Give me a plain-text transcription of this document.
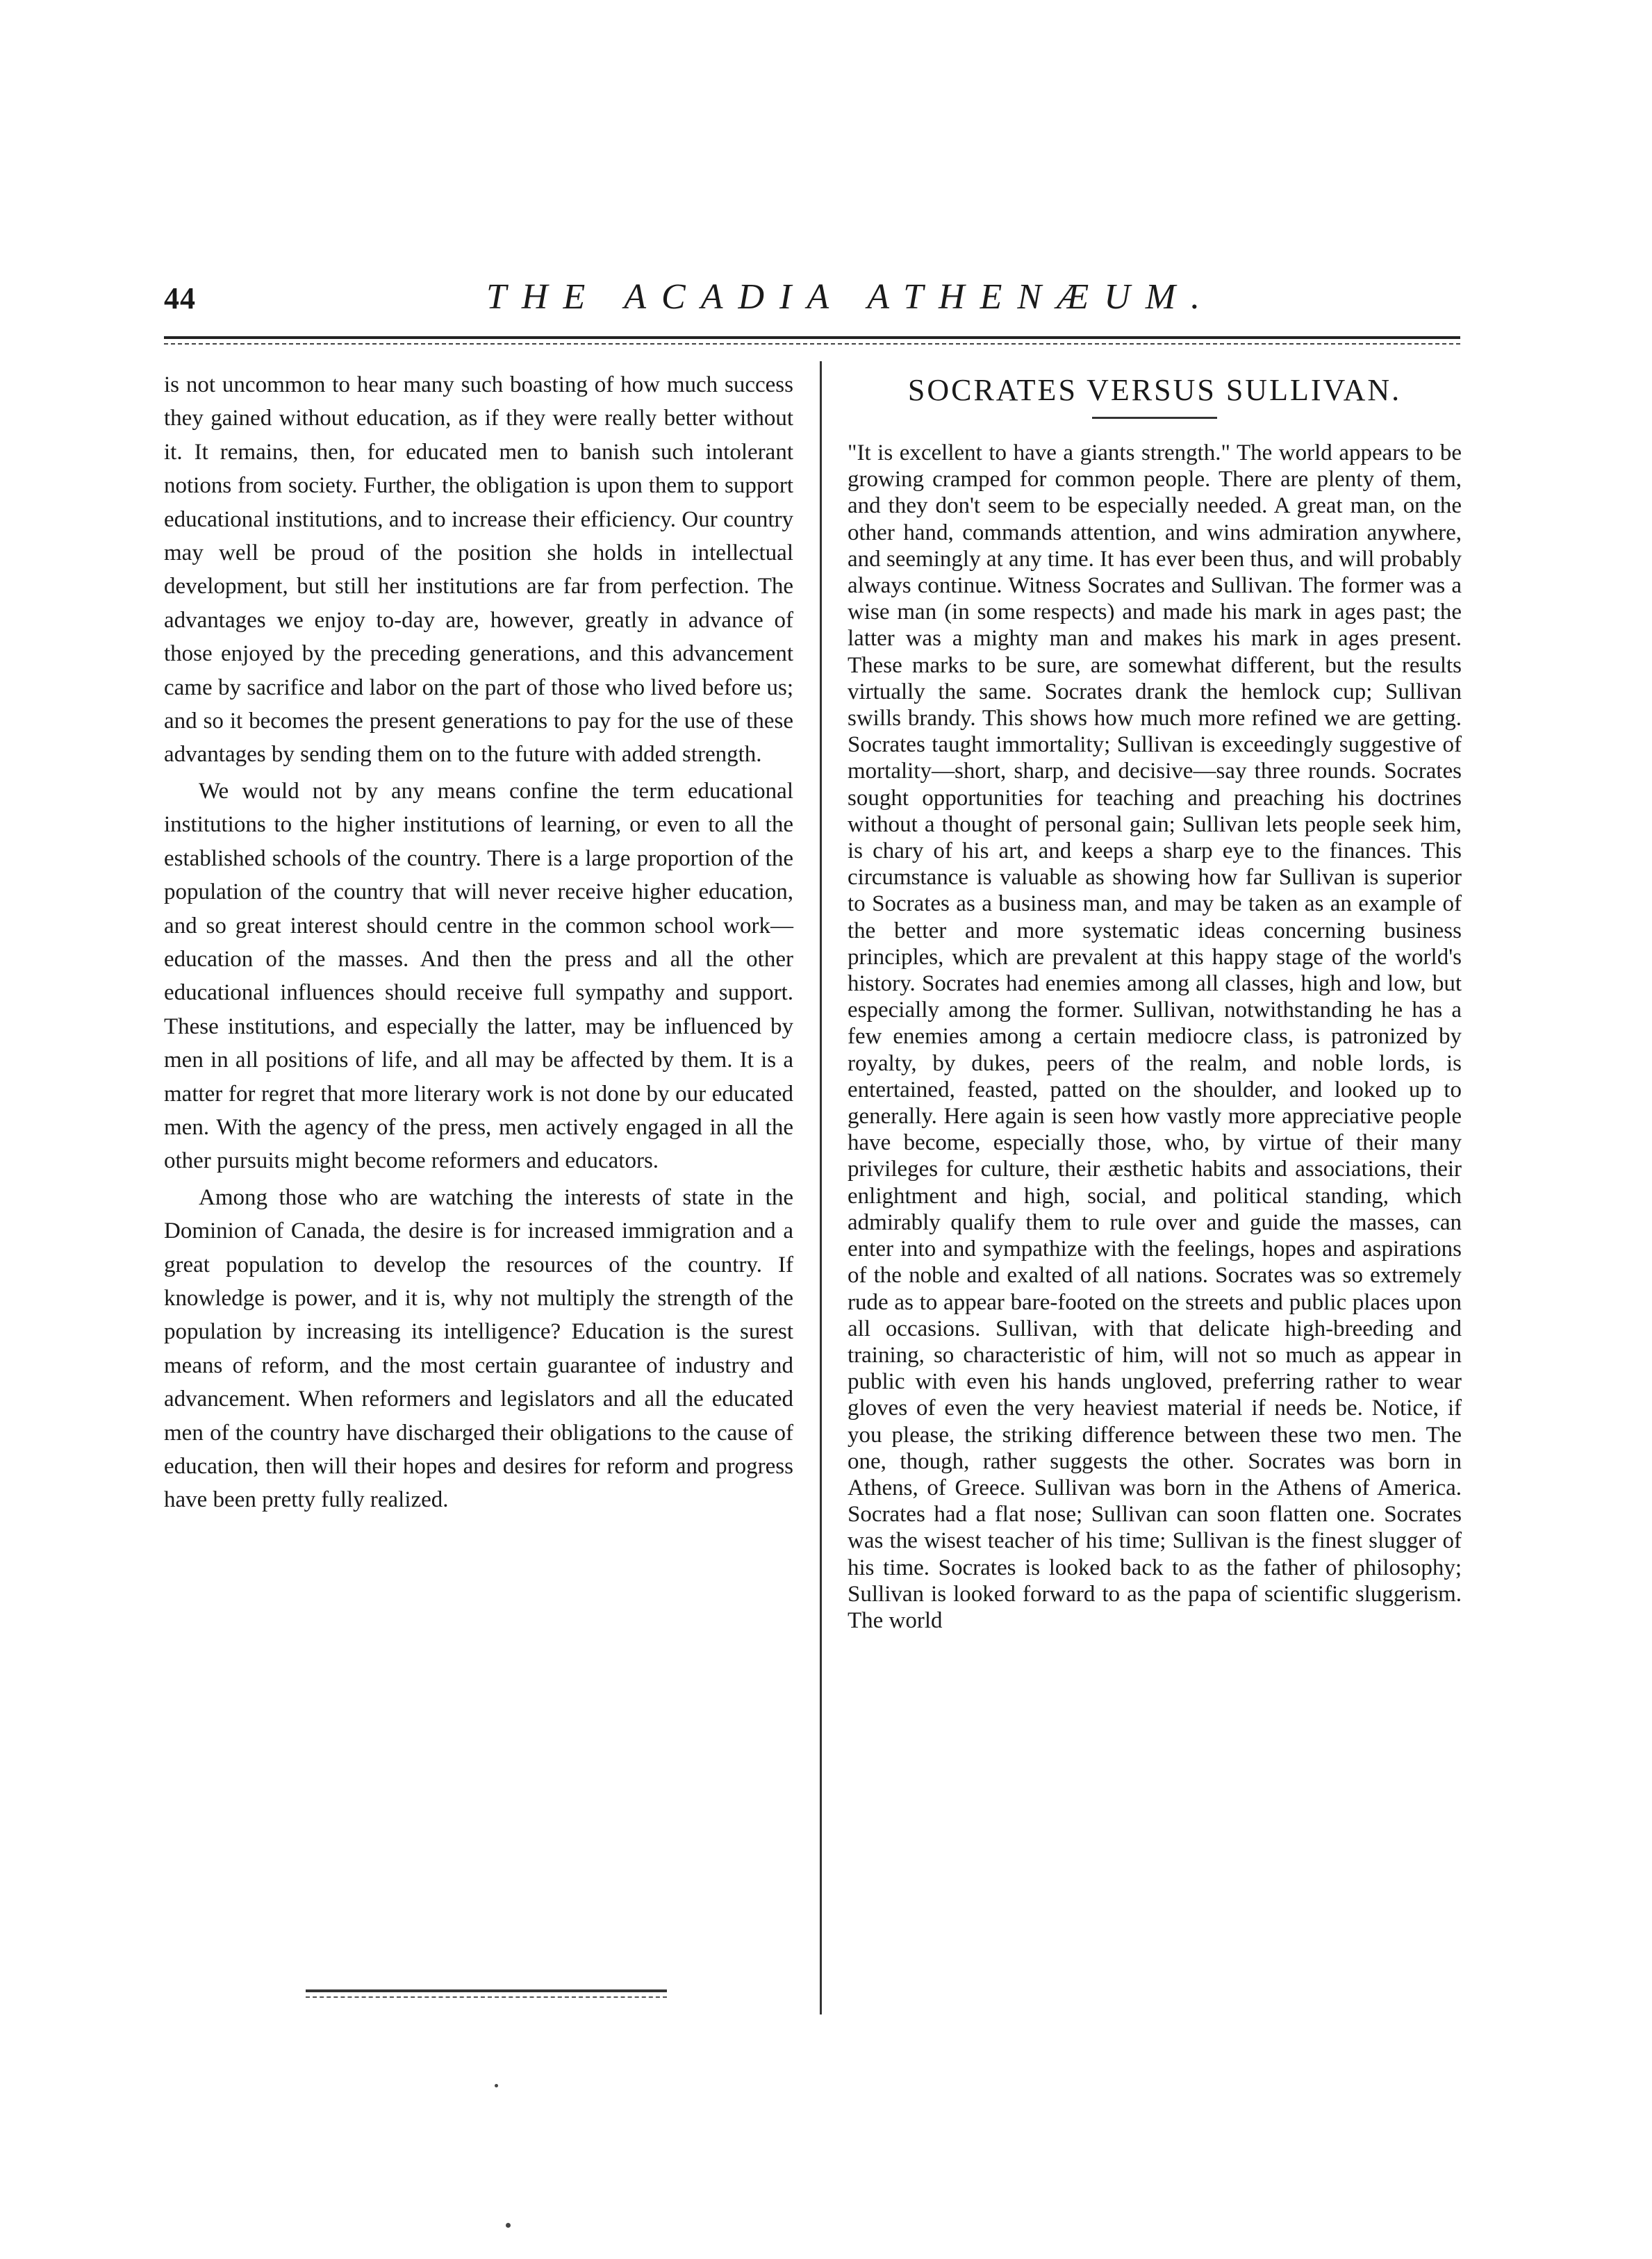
44	THE ACADIA ATHENÆUM.

is not uncommon to hear many such boasting of how much success they gained without education, as if they were really better without it. It remains, then, for educated men to banish such intolerant notions from society. Further, the obligation is upon them to support educational institutions, and to increase their efficiency. Our country may well be proud of the position she holds in intellectual development, but still her institutions are far from perfection. The advantages we enjoy to-day are, however, greatly in advance of those enjoyed by the preceding generations, and this advancement came by sacrifice and labor on the part of those who lived before us; and so it becomes the present generations to pay for the use of these advantages by sending them on to the future with added strength.

We would not by any means confine the term educational institutions to the higher institutions of learning, or even to all the established schools of the country. There is a large proportion of the population of the country that will never receive higher education, and so great interest should centre in the common school work—education of the masses. And then the press and all the other educational influences should receive full sympathy and support. These institutions, and especially the latter, may be influenced by men in all positions of life, and all may be affected by them. It is a matter for regret that more literary work is not done by our educated men. With the agency of the press, men actively engaged in all the other pursuits might become reformers and educators.

Among those who are watching the interests of state in the Dominion of Canada, the desire is for increased immigration and a great population to develop the resources of the country. If knowledge is power, and it is, why not multiply the strength of the population by increasing its intelligence? Education is the surest means of reform, and the most certain guarantee of industry and advancement. When reformers and legislators and all the educated men of the country have discharged their obligations to the cause of education, then will their hopes and desires for reform and progress have been pretty fully realized.

SOCRATES VERSUS SULLIVAN.

"It is excellent to have a giants strength." The world appears to be growing cramped for common people. There are plenty of them, and they don't seem to be especially needed. A great man, on the other hand, commands attention, and wins admiration anywhere, and seemingly at any time. It has ever been thus, and will probably always continue. Witness Socrates and Sullivan. The former was a wise man (in some respects) and made his mark in ages past; the latter was a mighty man and makes his mark in ages present. These marks to be sure, are somewhat different, but the results virtually the same. Socrates drank the hemlock cup; Sullivan swills brandy. This shows how much more refined we are getting. Socrates taught immortality; Sullivan is exceedingly suggestive of mortality—short, sharp, and decisive—say three rounds. Socrates sought opportunities for teaching and preaching his doctrines without a thought of personal gain; Sullivan lets people seek him, is chary of his art, and keeps a sharp eye to the finances. This circumstance is valuable as showing how far Sullivan is superior to Socrates as a business man, and may be taken as an example of the better and more systematic ideas concerning business principles, which are prevalent at this happy stage of the world's history. Socrates had enemies among all classes, high and low, but especially among the former. Sullivan, notwithstanding he has a few enemies among a certain mediocre class, is patronized by royalty, by dukes, peers of the realm, and noble lords, is entertained, feasted, patted on the shoulder, and looked up to generally. Here again is seen how vastly more appreciative people have become, especially those, who, by virtue of their many privileges for culture, their æsthetic habits and associations, their enlightment and high, social, and political standing, which admirably qualify them to rule over and guide the masses, can enter into and sympathize with the feelings, hopes and aspirations of the noble and exalted of all nations. Socrates was so extremely rude as to appear bare-footed on the streets and public places upon all occasions. Sullivan, with that delicate high-breeding and training, so characteristic of him, will not so much as appear in public with even his hands ungloved, preferring rather to wear gloves of even the very heaviest material if needs be. Notice, if you please, the striking difference between these two men. The one, though, rather suggests the other. Socrates was born in Athens, of Greece. Sullivan was born in the Athens of America. Socrates had a flat nose; Sullivan can soon flatten one. Socrates was the wisest teacher of his time; Sullivan is the finest slugger of his time. Socrates is looked back to as the father of philosophy; Sullivan is looked forward to as the papa of scientific sluggerism. The world
